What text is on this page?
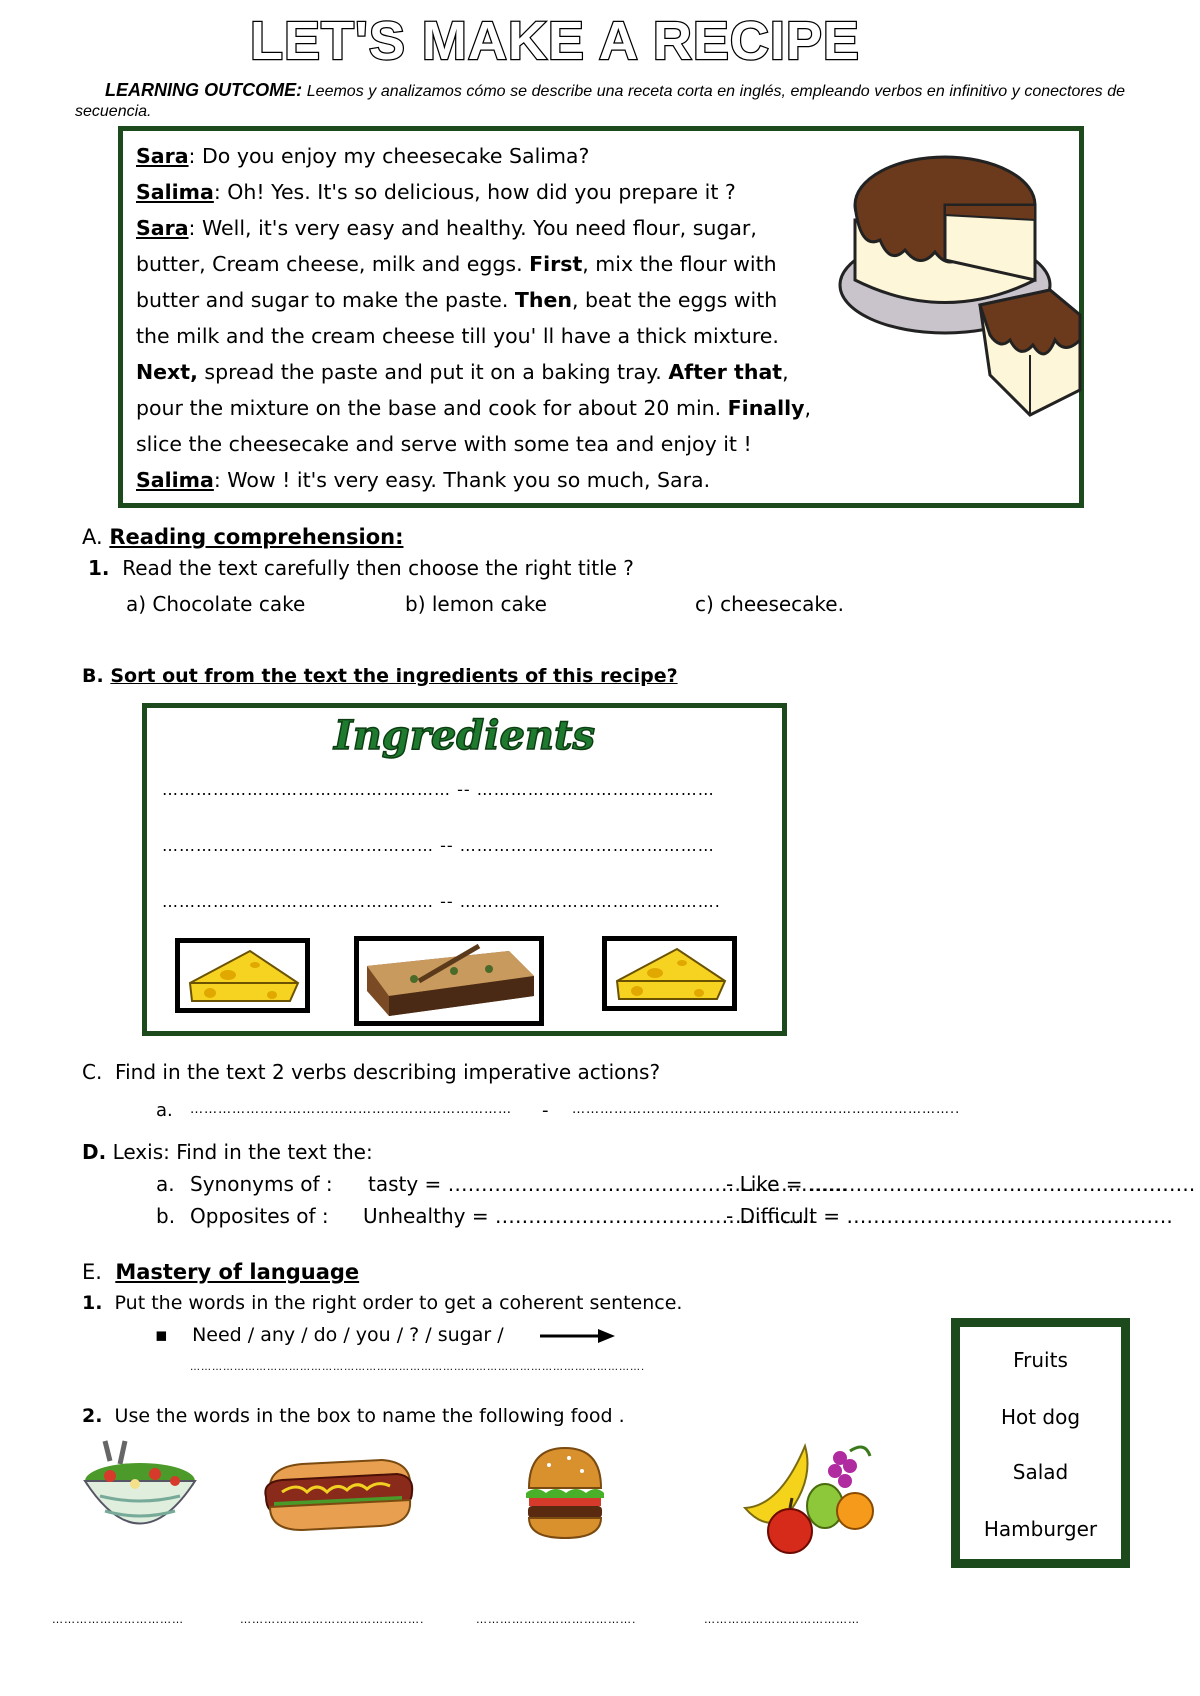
LET'S MAKE A RECIPE
LEARNING OUTCOME: Leemos y analizamos cómo se describe una receta corta en inglés, empleando verbos en infinitivo y conectores de secuencia.
Sara: Do you enjoy my cheesecake Salima?
Salima: Oh! Yes. It's so delicious, how did you prepare it ?
Sara: Well, it's very easy and healthy. You need flour, sugar,
butter, Cream cheese, milk and eggs. First, mix the flour with
butter and sugar to make the paste. Then, beat the eggs with
the milk and the cream cheese till you' ll have a thick mixture.
Next, spread the paste and put it on a baking tray. After that,
pour the mixture on the base and cook for about 20 min. Finally,
slice the cheesecake and serve with some tea and enjoy it !
Salima: Wow ! it's very easy. Thank you so much, Sara.
A. Reading comprehension:
1. Read the text carefully then choose the right title ?
a) Chocolate cake	b) lemon cake	c) cheesecake.
B. Sort out from the text the ingredients of this recipe?
Ingredients
…………………………………………… -- ……………………………………
………………………………………… -- ………………………………………
………………………………………… -- ……………………………………….
C. Find in the text 2 verbs describing imperative actions?
a. …………………………………………………………… - ………………………………………………………………………..
D. Lexis: Find in the text the:
a. Synonyms of : tasty = ……………………………………………………
- Like = ………………………………………………….
b. Opposites of : Unhealthy = …………………………………………
- Difficult = ………………………………………….
E. Mastery of language
1. Put the words in the right order to get a coherent sentence.
▪ Need / any / do / you / ? / sugar /
…………………………………………………………………………………………………………….
2. Use the words in the box to name the following food .
Fruits
Hot dog
Salad
Hamburger
……………………………	……………………………………….	………………………………….	…………………………………
